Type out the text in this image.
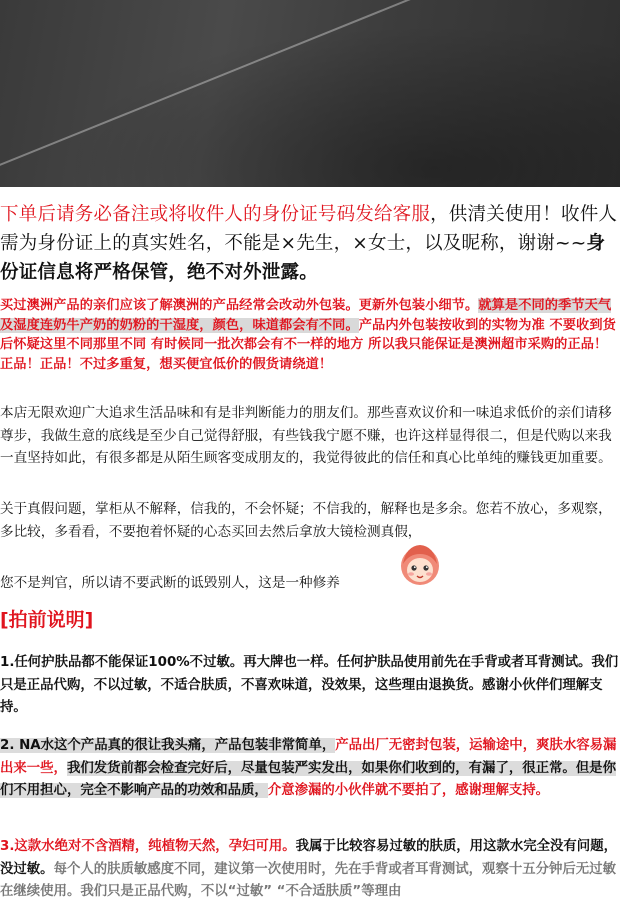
下单后请务必备注或将收件人的身份证号码发给客服，供清关使用！收件人需为身份证上的真实姓名，不能是×先生，×女士，以及昵称，谢谢~~身份证信息将严格保管，绝不对外泄露。
买过澳洲产品的亲们应该了解澳洲的产品经常会改动外包装。更新外包装小细节。就算是不同的季节天气及湿度连奶牛产奶的奶粉的干湿度，颜色，味道都会有不同。产品内外包装按收到的实物为准 不要收到货后怀疑这里不同那里不同 有时候同一批次都会有不一样的地方 所以我只能保证是澳洲超市采购的正品！正品！正品！不过多重复，想买便宜低价的假货请绕道！
本店无限欢迎广大追求生活品味和有是非判断能力的朋友们。那些喜欢议价和一味追求低价的亲们请移尊步，我做生意的底线是至少自己觉得舒服，有些钱我宁愿不赚，也许这样显得很二，但是代购以来我一直坚持如此，有很多都是从陌生顾客变成朋友的，我觉得彼此的信任和真心比单纯的赚钱更加重要。
关于真假问题，掌柜从不解释，信我的，不会怀疑；不信我的，解释也是多余。您若不放心，多观察，多比较，多看看，不要抱着怀疑的心态买回去然后拿放大镜检测真假，
您不是判官，所以请不要武断的诋毁别人，这是一种修养
[拍前说明]
1.任何护肤品都不能保证100%不过敏。再大牌也一样。任何护肤品使用前先在手背或者耳背测试。我们只是正品代购，不以过敏，不适合肤质，不喜欢味道，没效果，这些理由退换货。感谢小伙伴们理解支持。
2. NA水这个产品真的很让我头痛，产品包装非常简单，产品出厂无密封包装，运输途中，爽肤水容易漏出来一些，我们发货前都会检查完好后，尽量包装严实发出，如果你们收到的，有漏了，很正常。但是你们不用担心，完全不影响产品的功效和品质，介意渗漏的小伙伴就不要拍了，感谢理解支持。
3.这款水绝对不含酒精，纯植物天然，孕妇可用。我属于比较容易过敏的肤质，用这款水完全没有问题，没过敏。每个人的肤质敏感度不同，建议第一次使用时，先在手背或者耳背测试，观察十五分钟后无过敏在继续使用。我们只是正品代购，不以“过敏” “不合适肤质”等理由
